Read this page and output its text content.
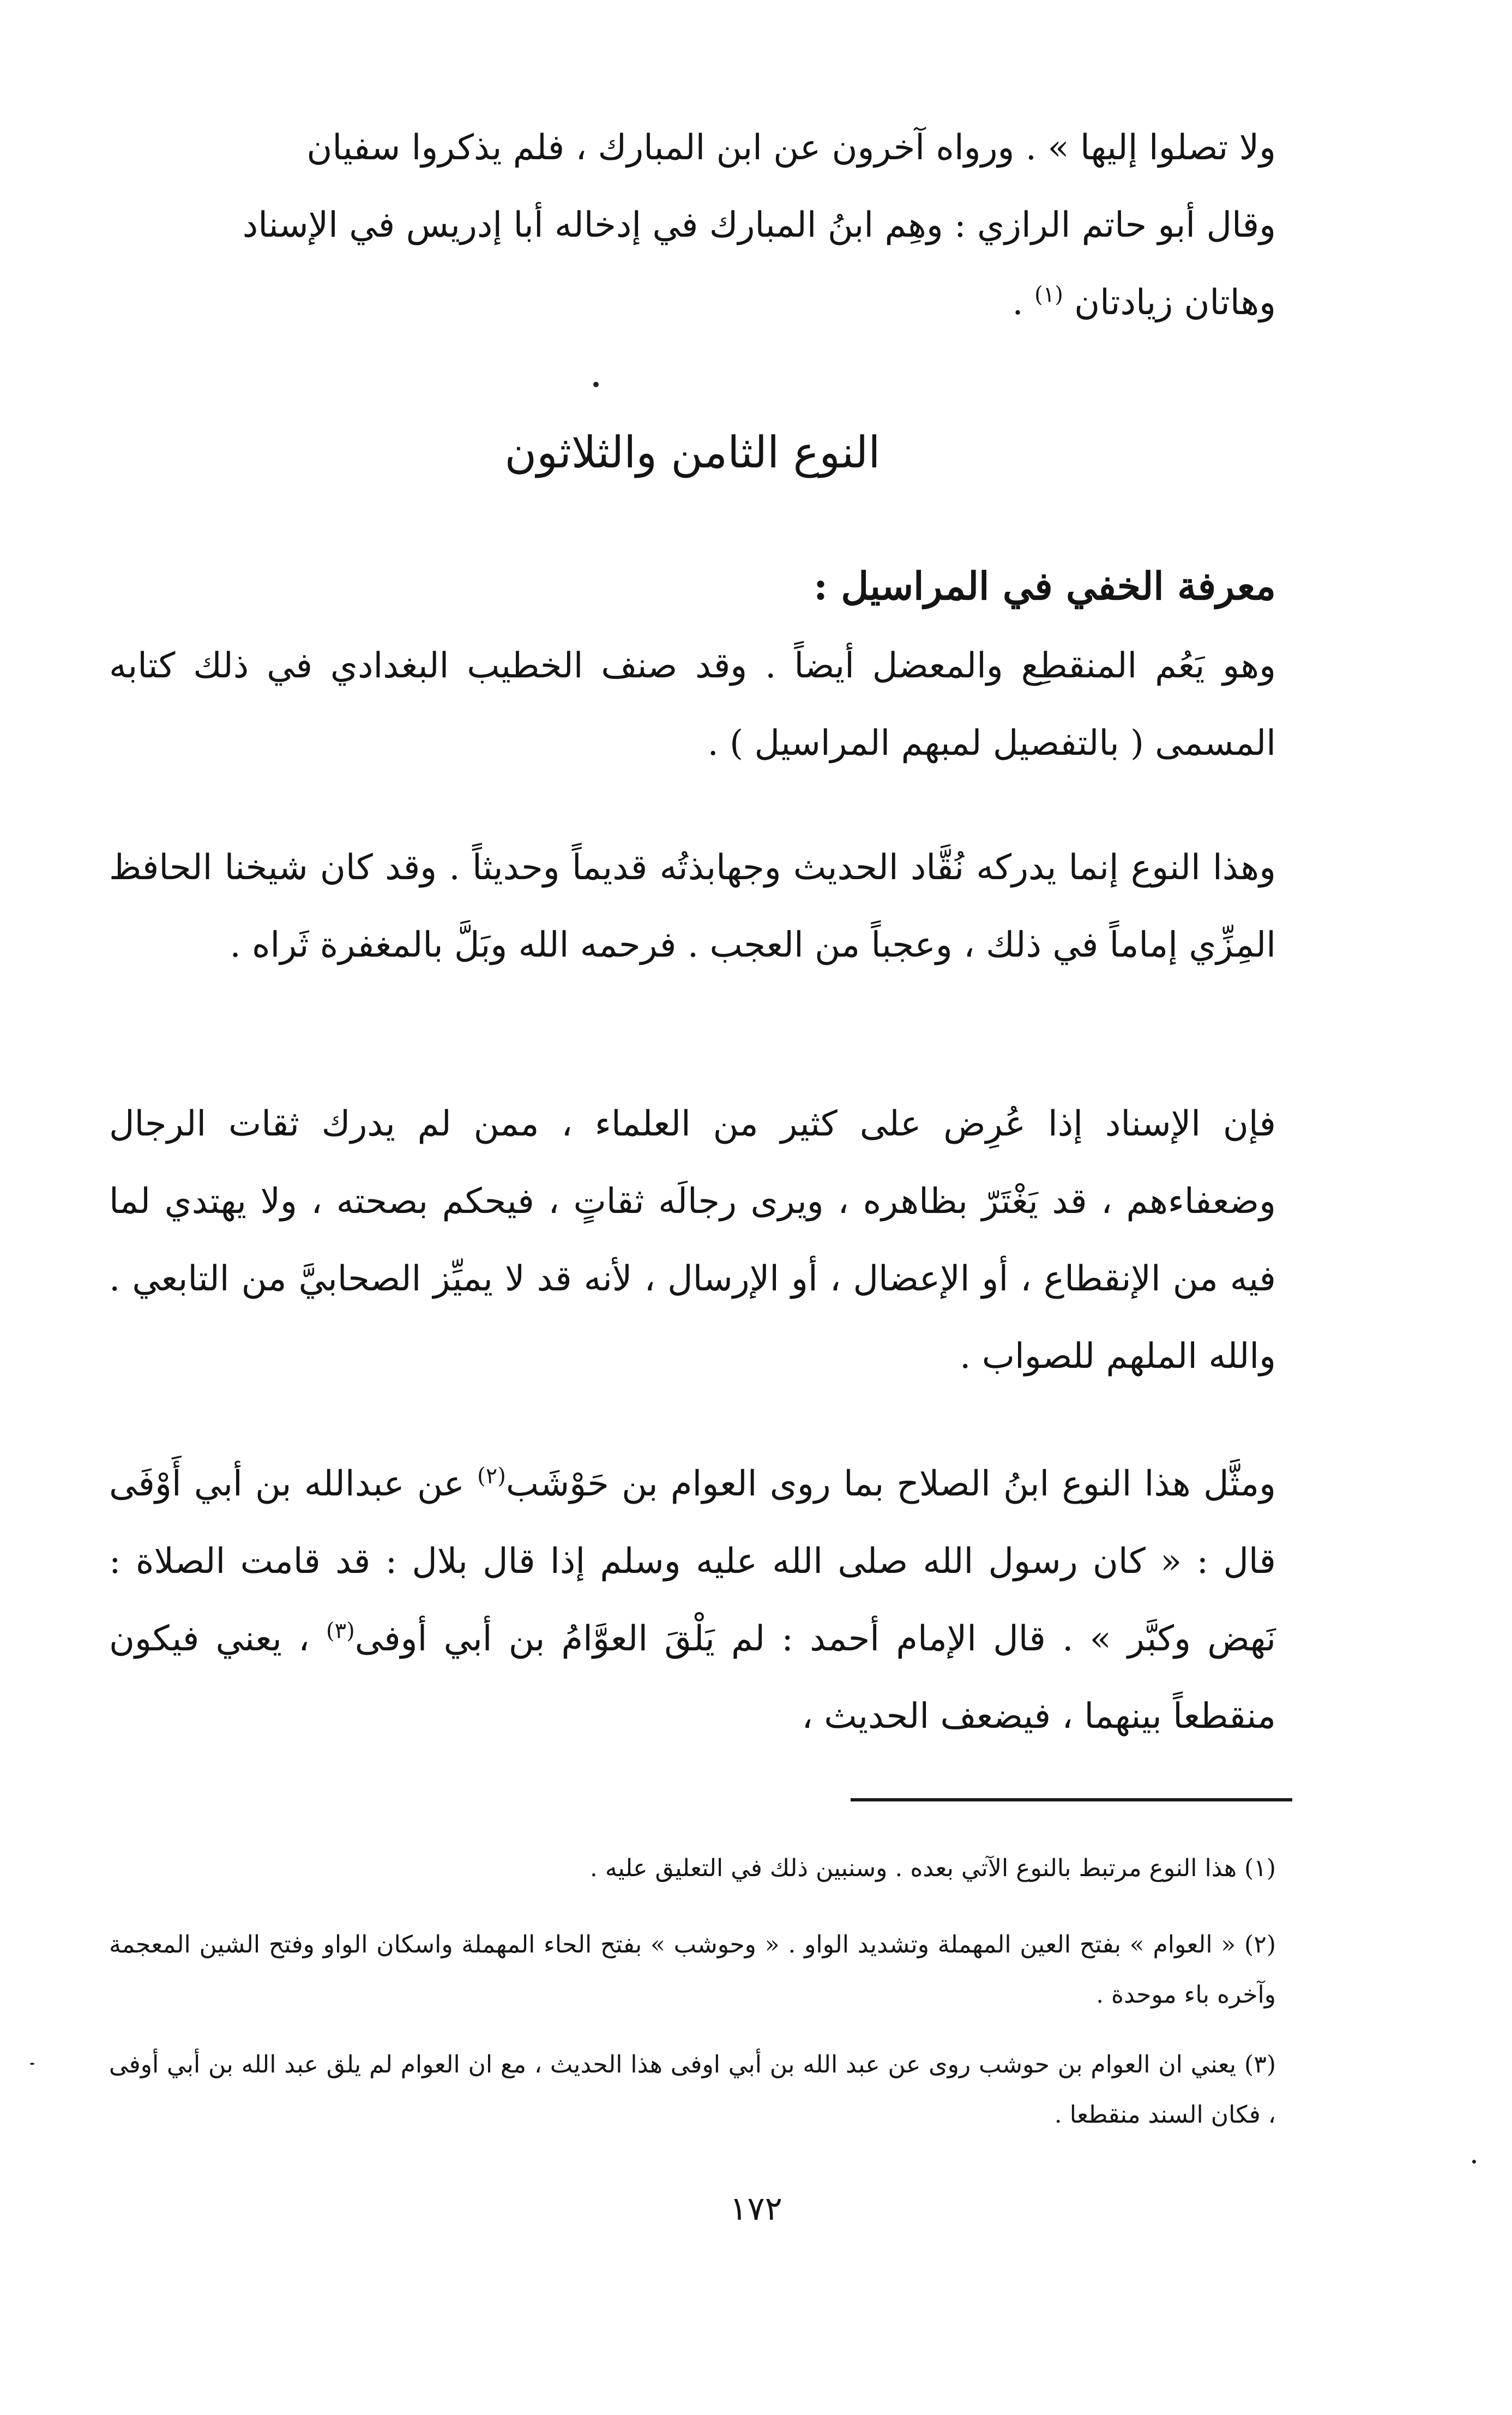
ولا تصلوا إليها » . ورواه آخرون عن ابن المبارك ، فلم يذكروا سفيان
وقال أبو حاتم الرازي : وهِم ابنُ المبارك في إدخاله أبا إدريس في الإسناد
وهاتان زيادتان $^{(١)}$ .
النوع الثامن والثلاثون
معرفة الخفي في المراسيل :

وهو يَعُم المنقطِع والمعضل أيضاً . وقد صنف الخطيب البغدادي في ذلك كتابه المسمى ( بالتفصيل لمبهم المراسيل ) .

وهذا النوع إنما يدركه نُقَّاد الحديث وجهابذتُه قديماً وحديثاً . وقد كان شيخنا الحافظ المِزِّي إماماً في ذلك ، وعجباً من العجب . فرحمه الله وبَلَّ بالمغفرة ثَراه .

فإن الإسناد إذا عُرِض على كثير من العلماء ، ممن لم يدرك ثقات الرجال وضعفاءهم ، قد يَغْتَرّ بظاهره ، ويرى رجالَه ثقاتٍ ، فيحكم بصحته ، ولا يهتدي لما فيه من الإنقطاع ، أو الإعضال ، أو الإرسال ، لأنه قد لا يميِّز الصحابيَّ من التابعي . والله الملهم للصواب .

ومثَّل هذا النوع ابنُ الصلاح بما روى العوام بن حَوْشَب$^{(٢)}$ عن عبدالله بن أبي أَوْفَى قال : « كان رسول الله صلى الله عليه وسلم إذا قال بلال : قد قامت الصلاة : نَهض وكبَّر » . قال الإمام أحمد : لم يَلْقَ العوَّامُ بن أبي أوفى$^{(٣)}$ ، يعني فيكون منقطعاً بينهما ، فيضعف الحديث ،

(١) هذا النوع مرتبط بالنوع الآتي بعده . وسنبين ذلك في التعليق عليه .

(٢) « العوام » بفتح العين المهملة وتشديد الواو . « وحوشب » بفتح الحاء المهملة واسكان الواو وفتح الشين المعجمة وآخره باء موحدة .

(٣) يعني ان العوام بن حوشب روى عن عبد الله بن أبي اوفى هذا الحديث ، مع ان العوام لم يلق عبد الله بن أبي أوفى ، فكان السند منقطعا .

١٧٢
